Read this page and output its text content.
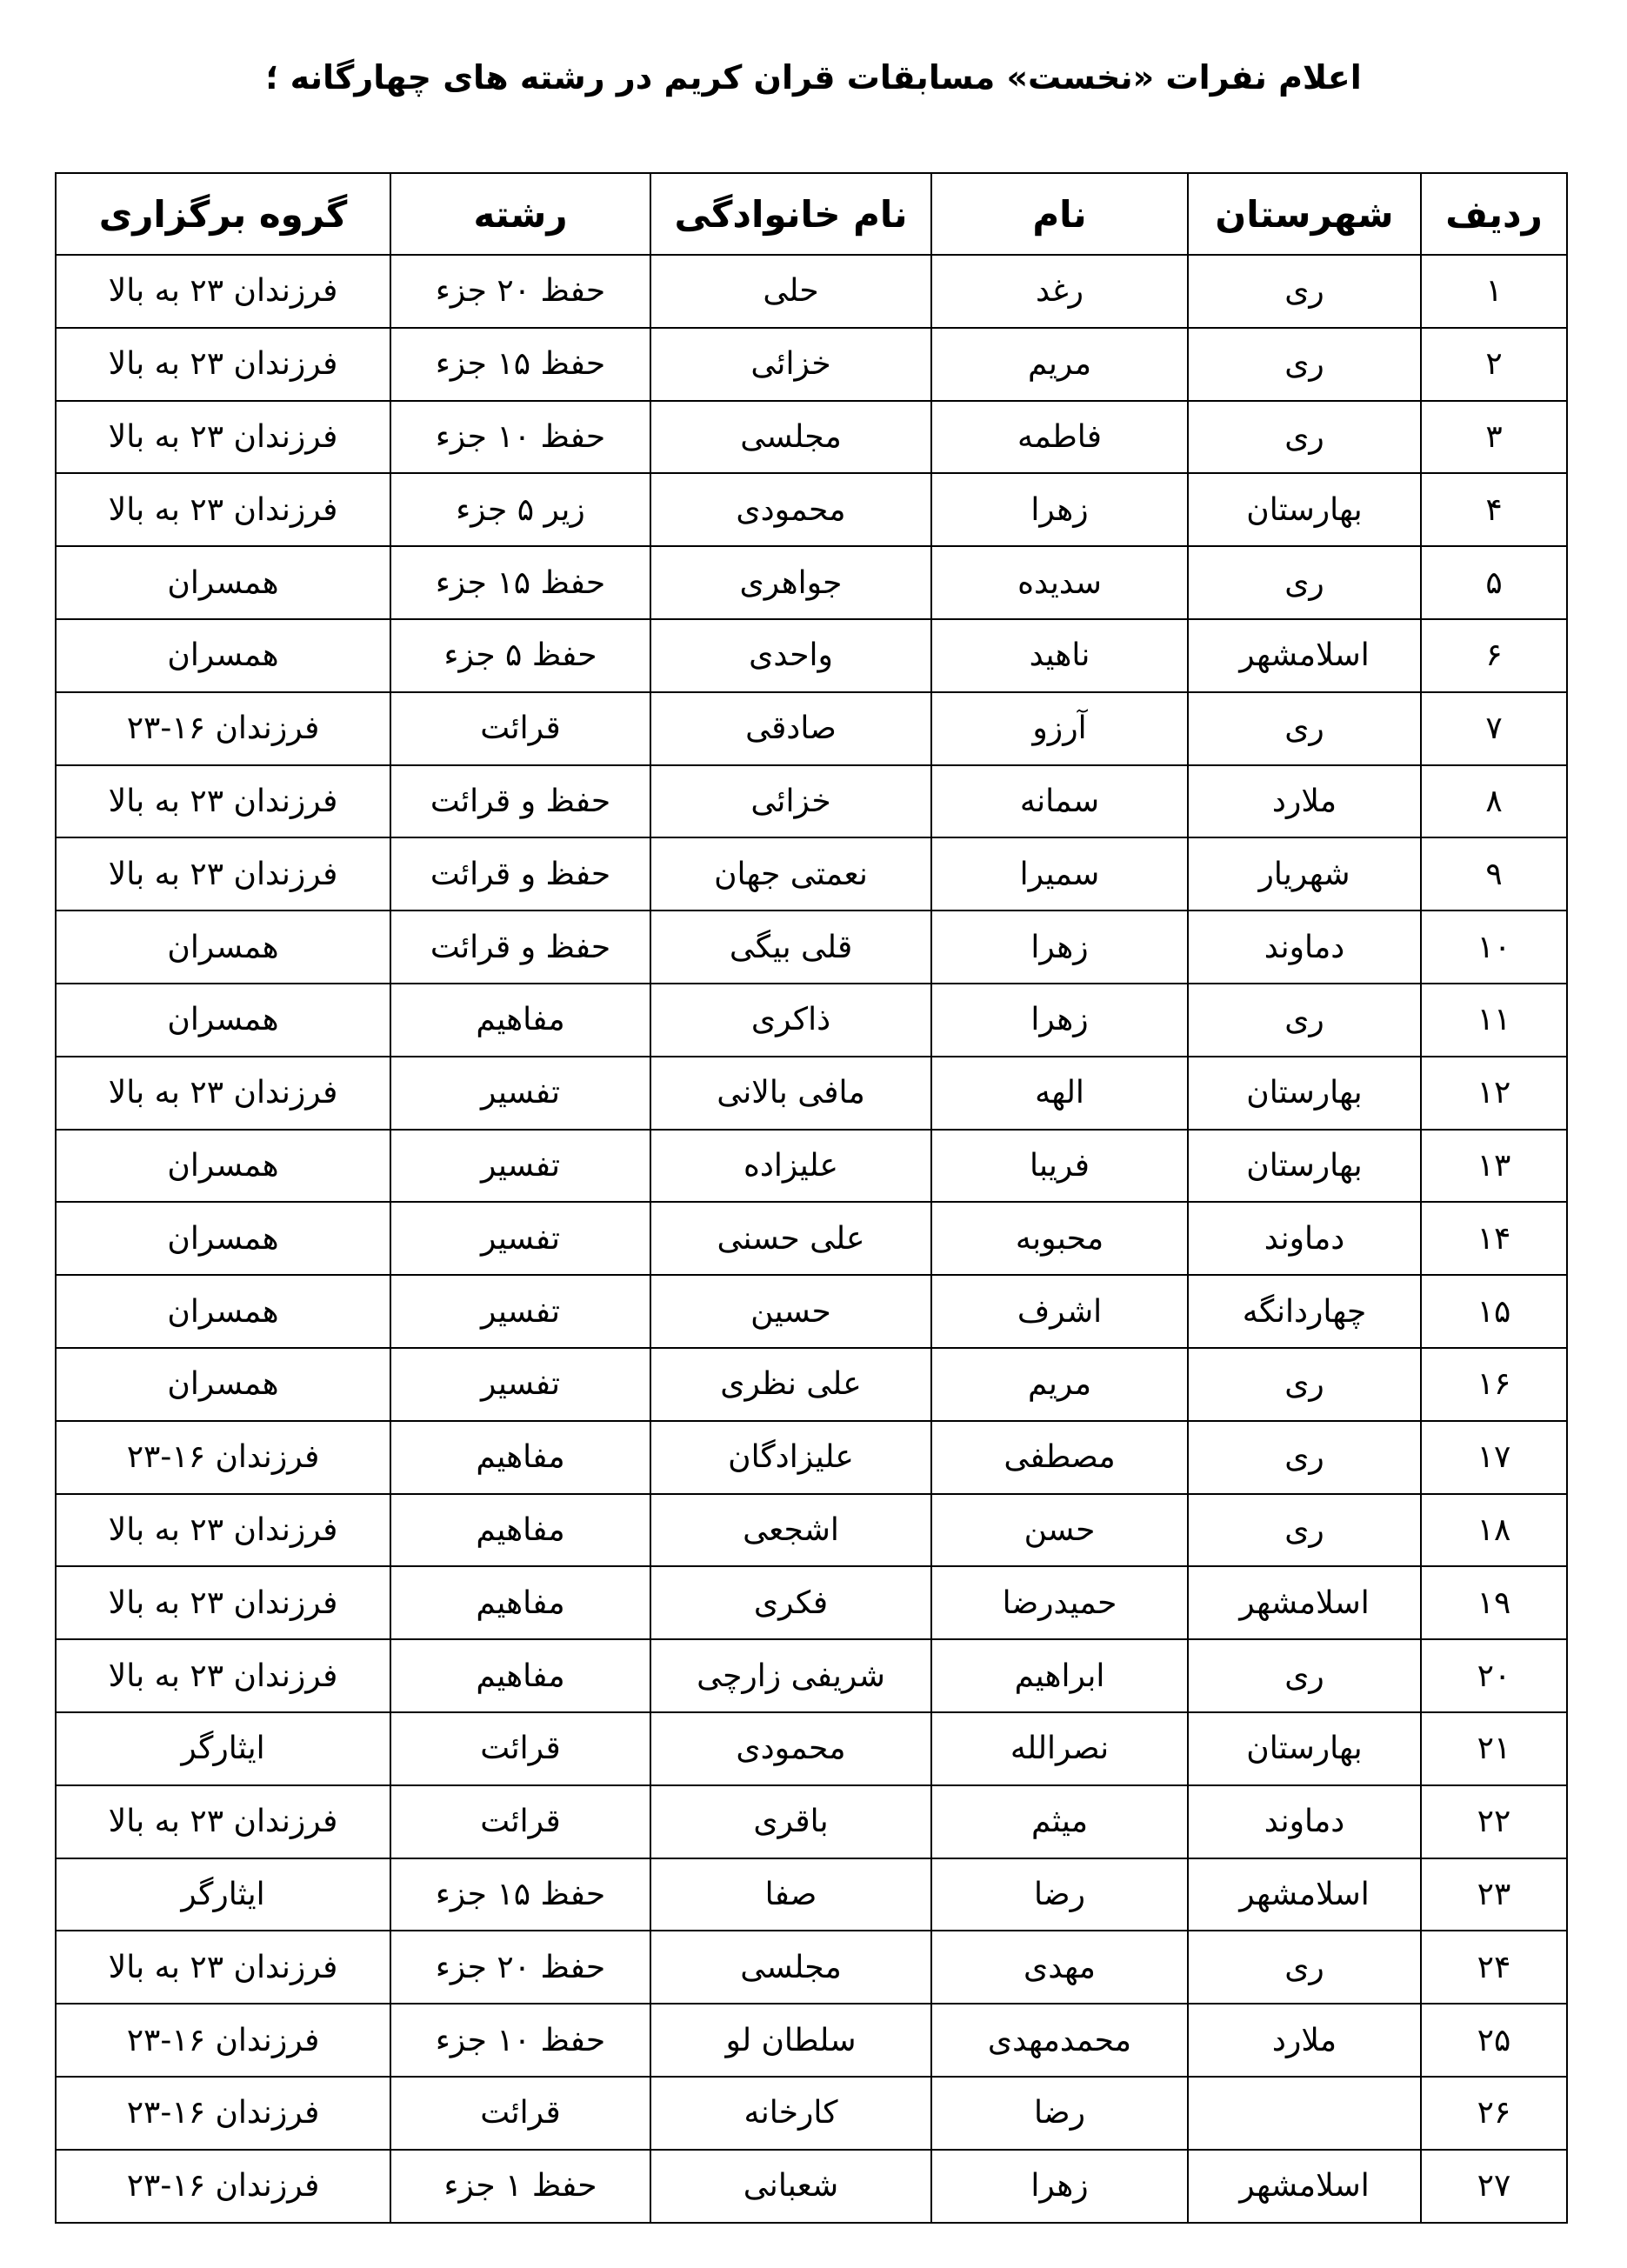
اعلام نفرات «نخست» مسابقات قران کریم در رشته های چهارگانه ؛
ردیف	شهرستان	نام	نام خانوادگی	رشته	گروه برگزاری
۱	ری	رغد	حلی	حفظ ۲۰ جزء	فرزندان ۲۳ به بالا
۲	ری	مریم	خزائی	حفظ ۱۵ جزء	فرزندان ۲۳ به بالا
۳	ری	فاطمه	مجلسی	حفظ ۱۰ جزء	فرزندان ۲۳ به بالا
۴	بهارستان	زهرا	محمودی	زیر ۵ جزء	فرزندان ۲۳ به بالا
۵	ری	سدیده	جواهری	حفظ ۱۵ جزء	همسران
۶	اسلامشهر	ناهید	واحدی	حفظ ۵ جزء	همسران
۷	ری	آرزو	صادقی	قرائت	فرزندان ۱۶-۲۳
۸	ملارد	سمانه	خزائی	حفظ و قرائت	فرزندان ۲۳ به بالا
۹	شهریار	سمیرا	نعمتی جهان	حفظ و قرائت	فرزندان ۲۳ به بالا
۱۰	دماوند	زهرا	قلی بیگی	حفظ و قرائت	همسران
۱۱	ری	زهرا	ذاکری	مفاهیم	همسران
۱۲	بهارستان	الهه	مافی بالانی	تفسیر	فرزندان ۲۳ به بالا
۱۳	بهارستان	فریبا	علیزاده	تفسیر	همسران
۱۴	دماوند	محبوبه	علی حسنی	تفسیر	همسران
۱۵	چهاردانگه	اشرف	حسین	تفسیر	همسران
۱۶	ری	مریم	علی نظری	تفسیر	همسران
۱۷	ری	مصطفی	علیزادگان	مفاهیم	فرزندان ۱۶-۲۳
۱۸	ری	حسن	اشجعی	مفاهیم	فرزندان ۲۳ به بالا
۱۹	اسلامشهر	حمیدرضا	فکری	مفاهیم	فرزندان ۲۳ به بالا
۲۰	ری	ابراهیم	شریفی زارچی	مفاهیم	فرزندان ۲۳ به بالا
۲۱	بهارستان	نصرالله	محمودی	قرائت	ایثارگر
۲۲	دماوند	میثم	باقری	قرائت	فرزندان ۲۳ به بالا
۲۳	اسلامشهر	رضا	صفا	حفظ ۱۵ جزء	ایثارگر
۲۴	ری	مهدی	مجلسی	حفظ ۲۰ جزء	فرزندان ۲۳ به بالا
۲۵	ملارد	محمدمهدی	سلطان لو	حفظ ۱۰ جزء	فرزندان ۱۶-۲۳
۲۶		رضا	کارخانه	قرائت	فرزندان ۱۶-۲۳
۲۷	اسلامشهر	زهرا	شعبانی	حفظ ۱ جزء	فرزندان ۱۶-۲۳
